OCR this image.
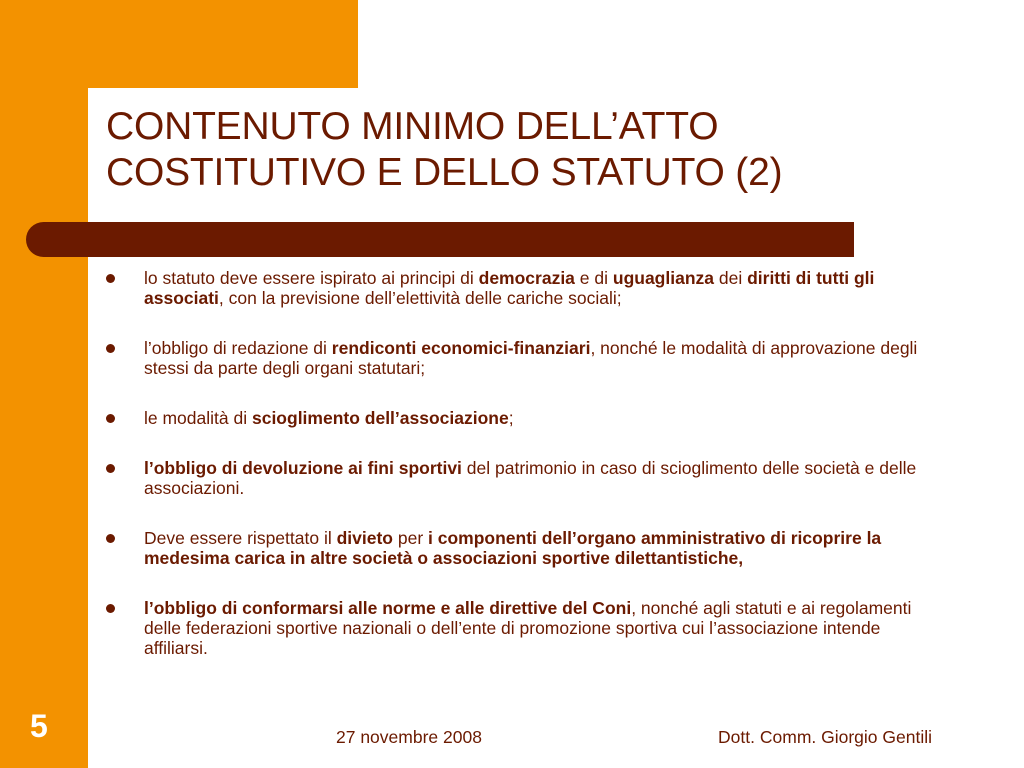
CONTENUTO MINIMO DELL’ATTO
COSTITUTIVO E DELLO STATUTO (2)
lo statuto deve essere ispirato ai principi di democrazia e di uguaglianza dei diritti di tutti gli associati, con la previsione dell’elettività delle cariche sociali;
l’obbligo di redazione di rendiconti economici-finanziari, nonché le modalità di approvazione degli stessi da parte degli organi statutari;
le modalità di scioglimento dell’associazione;
l’obbligo di devoluzione ai fini sportivi del patrimonio in caso di scioglimento delle società e delle associazioni.
Deve essere rispettato il divieto per i componenti dell’organo amministrativo di ricoprire la medesima carica in altre società o associazioni sportive dilettantistiche,
l’obbligo di conformarsi alle norme e alle direttive del Coni, nonché agli statuti e ai regolamenti delle federazioni sportive nazionali o dell’ente di promozione sportiva cui l’associazione intende affiliarsi.
5	27 novembre 2008	Dott. Comm. Giorgio Gentili
